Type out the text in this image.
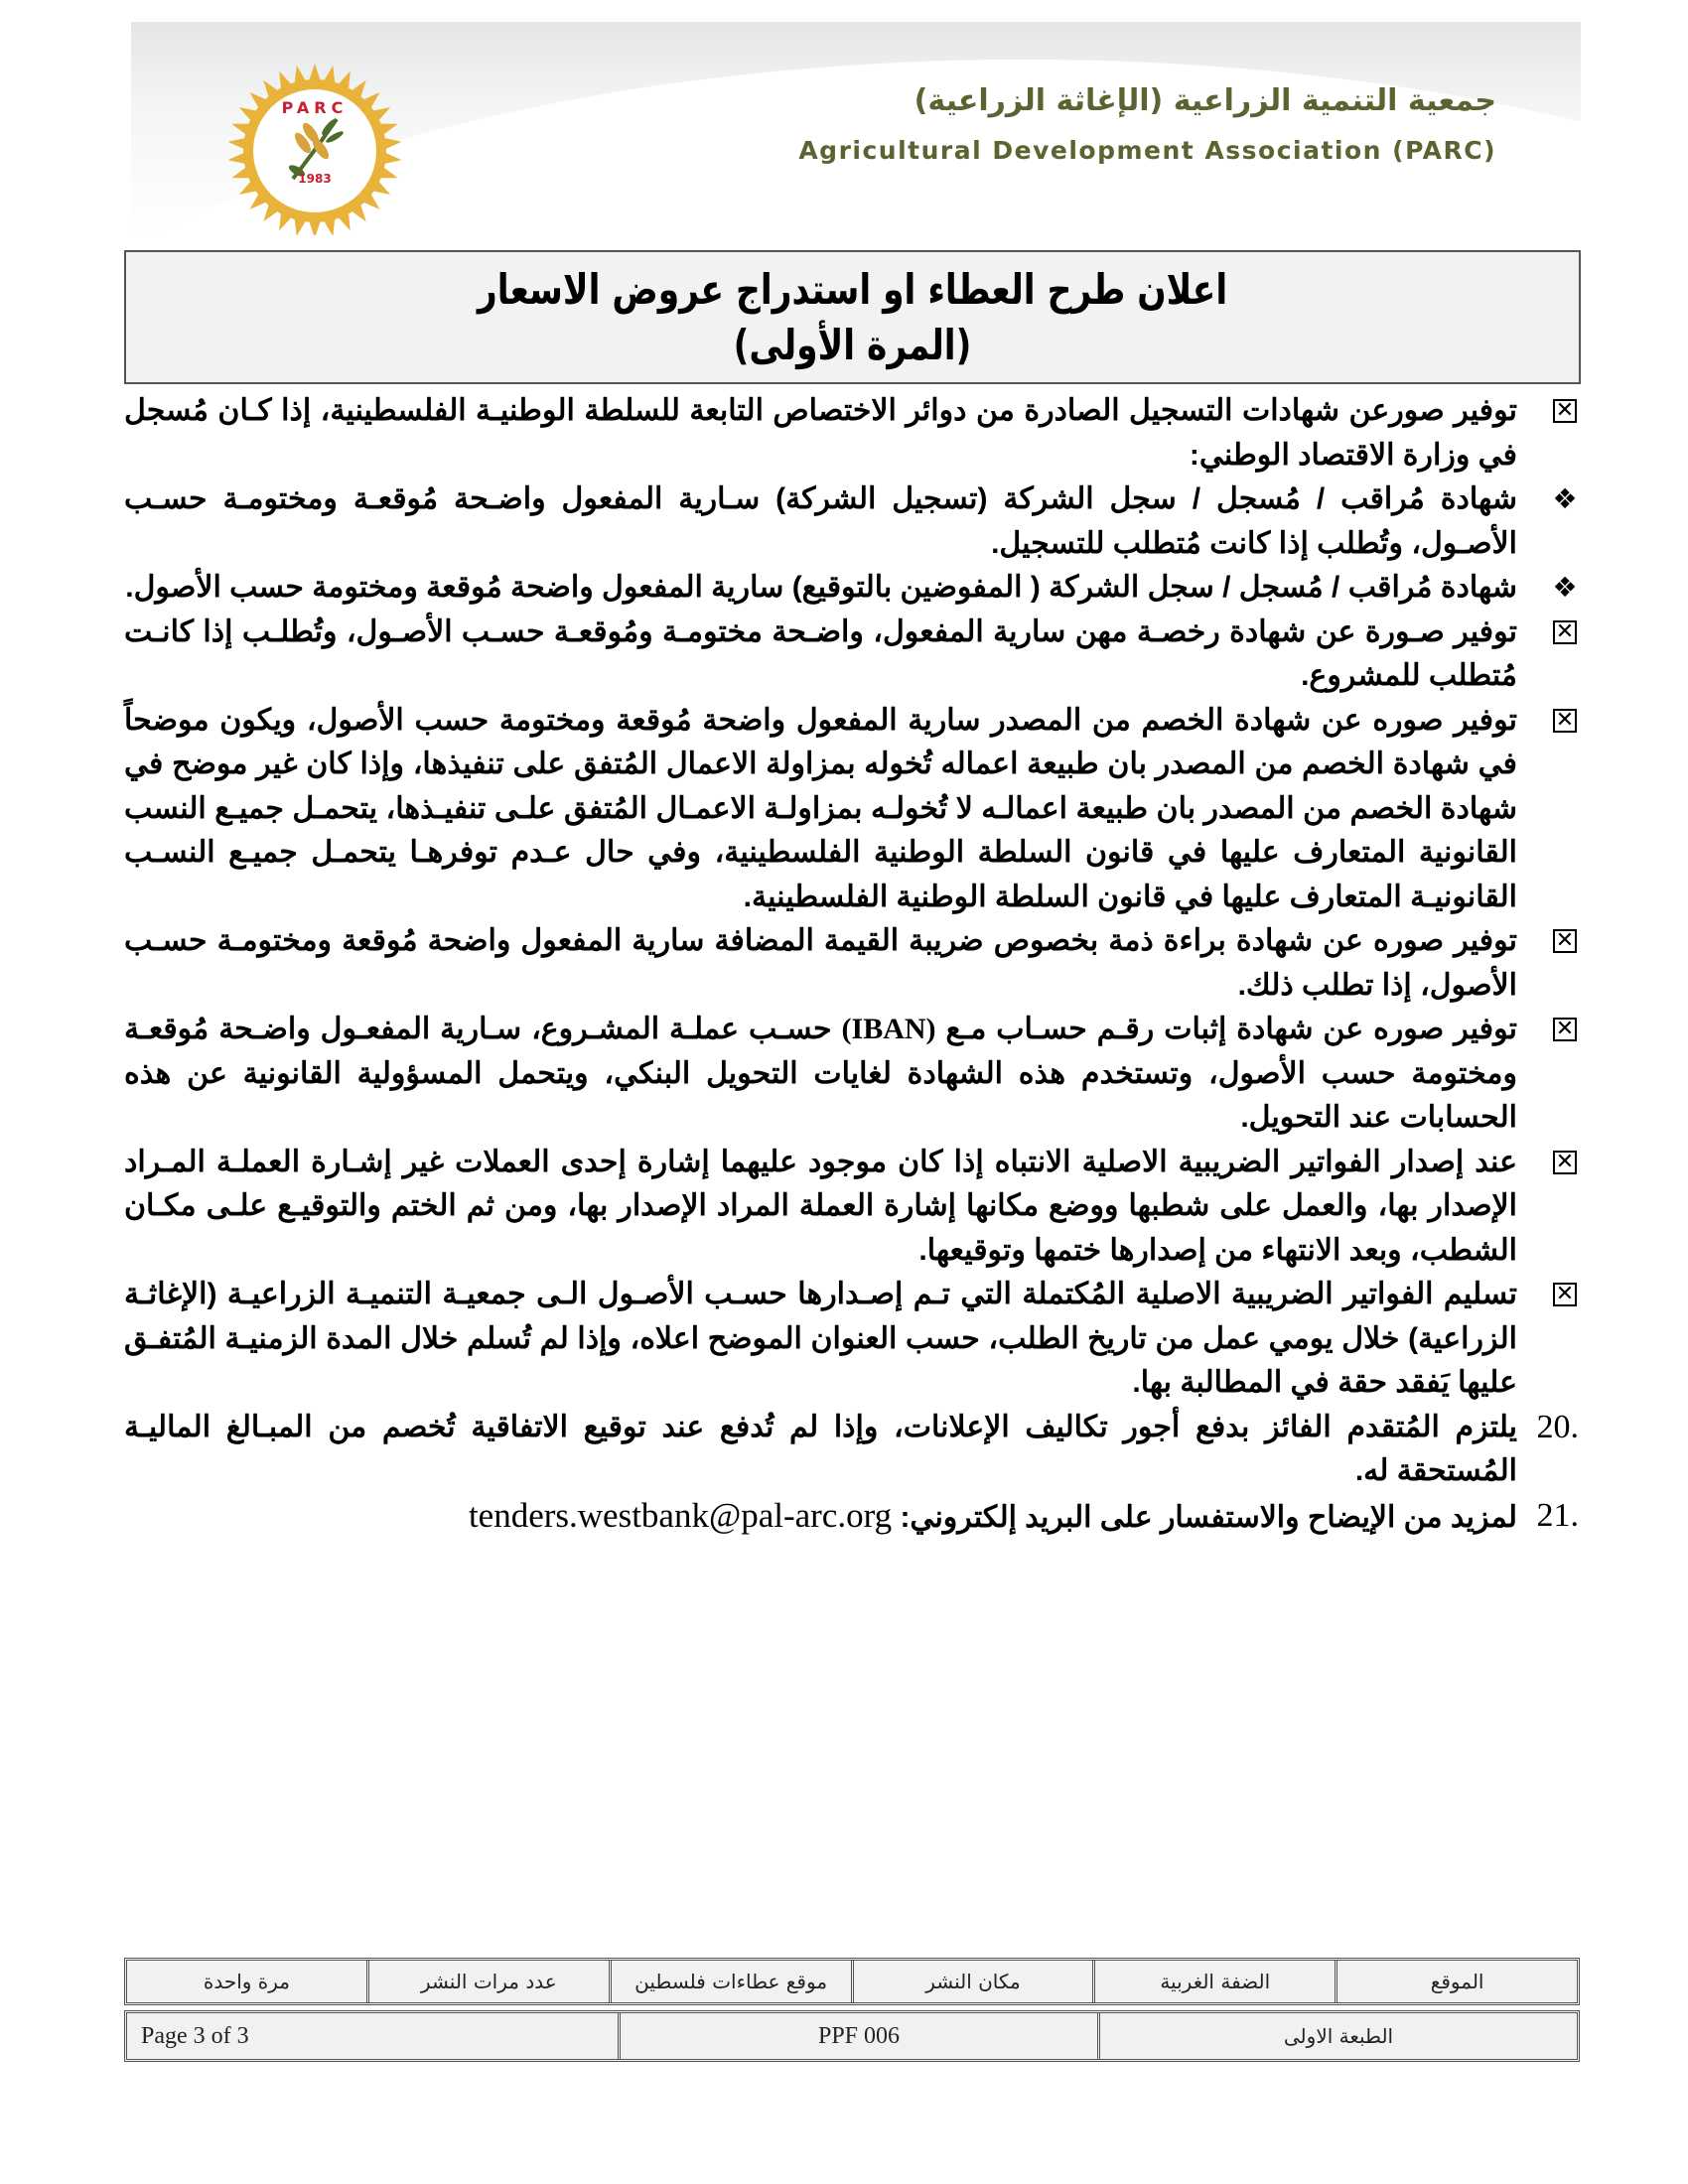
PARC
1983
جمعية التنمية الزراعية (الإغاثة الزراعية)
Agricultural Development Association (PARC)
اعلان طرح العطاء او استدراج عروض الاسعار
(المرة الأولى)

✕
توفير صورعن شهادات التسجيل الصادرة من دوائر الاختصاص التابعة للسلطة الوطنيـة الفلسطينية، إذا كـان مُسجل في وزارة الاقتصاد الوطني:

❖
شهادة مُراقب / مُسجل / سجل الشركة (تسجيل الشركة) سـارية المفعول واضـحة مُوقعـة ومختومـة حسـب الأصـول، وتُطلب إذا كانت مُتطلب للتسجيل.

❖
شهادة مُراقب / مُسجل / سجل الشركة ( المفوضين بالتوقيع) سارية المفعول واضحة مُوقعة ومختومة حسب الأصول.

✕
توفير صـورة عن شهادة رخصـة مهن سارية المفعول، واضـحة مختومـة ومُوقعـة حسـب الأصـول، وتُطلـب إذا كانـت مُتطلب للمشروع.

✕
توفير صوره عن شهادة الخصم من المصدر سارية المفعول واضحة مُوقعة ومختومة حسب الأصول، ويكون موضحاً في شهادة الخصم من المصدر بان طبيعة اعماله تُخوله بمزاولة الاعمال المُتفق على تنفيذها، وإذا كان غير موضح في شهادة الخصم من المصدر بان طبيعة اعمالـه لا تُخولـه بمزاولـة الاعمـال المُتفق علـى تنفيـذها، يتحمـل جميـع النسب القانونية المتعارف عليها في قانون السلطة الوطنية الفلسطينية، وفي حال عـدم توفرهـا يتحمـل جميـع النسـب القانونيـة المتعارف عليها في قانون السلطة الوطنية الفلسطينية.

✕
توفير صوره عن شهادة براءة ذمة بخصوص ضريبة القيمة المضافة سارية المفعول واضحة مُوقعة ومختومـة حسـب الأصول، إذا تطلب ذلك.

✕
توفير صوره عن شهادة إثبات رقـم حسـاب مـع (IBAN) حسـب عملـة المشـروع، سـارية المفعـول واضـحة مُوقعـة ومختومة حسب الأصول، وتستخدم هذه الشهادة لغايات التحويل البنكي، ويتحمل المسؤولية القانونية عن هذه الحسابات عند التحويل.

✕
عند إصدار الفواتير الضريبية الاصلية الانتباه إذا كان موجود عليهما إشارة إحدى العملات غير إشـارة العملـة المـراد الإصدار بها، والعمل على شطبها ووضع مكانها إشارة العملة المراد الإصدار بها، ومن ثم الختم والتوقيـع علـى مكـان الشطب، وبعد الانتهاء من إصدارها ختمها وتوقيعها.

✕
تسليم الفواتير الضريبية الاصلية المُكتملة التي تـم إصـدارها حسـب الأصـول الـى جمعيـة التنميـة الزراعيـة (الإغاثـة الزراعية) خلال يومي عمل من تاريخ الطلب، حسب العنوان الموضح اعلاه، وإذا لم تُسلم خلال المدة الزمنيـة المُتفـق عليها يَفقد حقة في المطالبة بها.

20.
يلتزم المُتقدم الفائز بدفع أجور تكاليف الإعلانات، وإذا لم تُدفع عند توقيع الاتفاقية تُخصم من المبـالغ الماليـة المُستحقة له.

21.
لمزيد من الإيضاح والاستفسار على البريد إلكتروني: tenders.westbank@pal-arc.org

الموقع
الضفة الغربية
مكان النشر
موقع عطاءات فلسطين
عدد مرات النشر
مرة واحدة
الطبعة الاولى
PPF 006
Page 3 of 3
